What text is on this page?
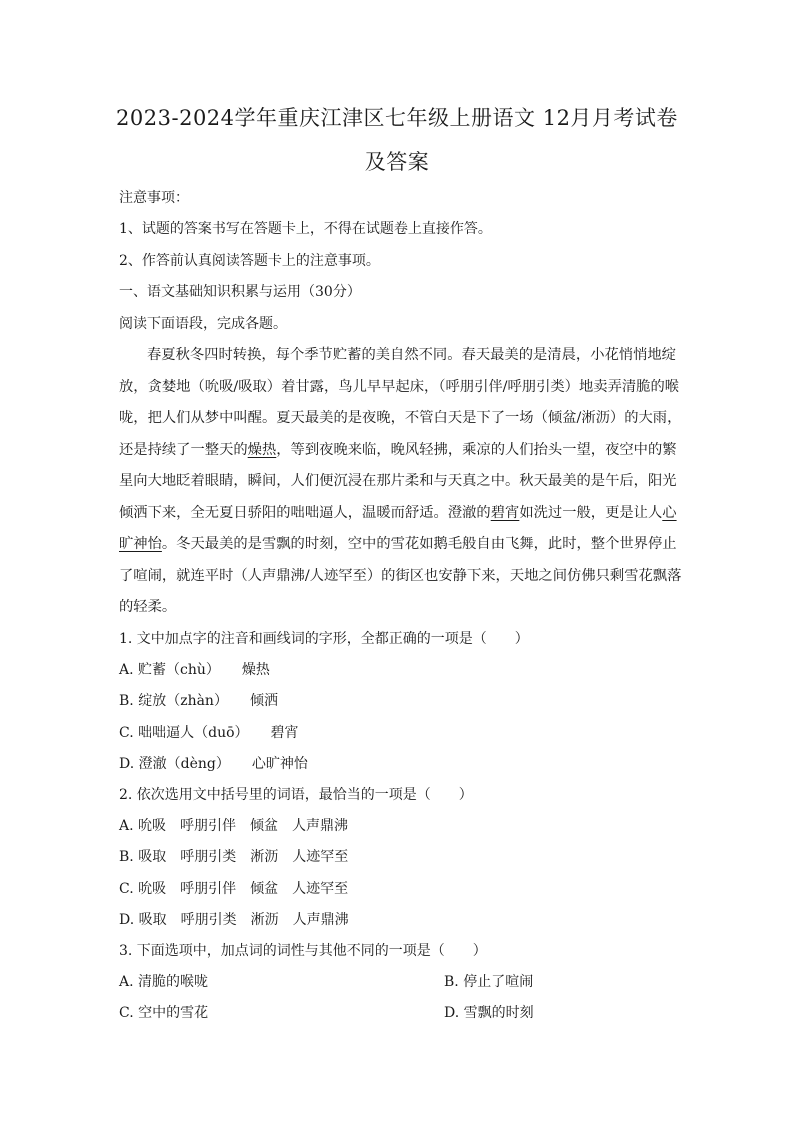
2023-2024学年重庆江津区七年级上册语文 12月月考试卷
及答案

注意事项：

1、试题的答案书写在答题卡上，不得在试题卷上直接作答。

2、作答前认真阅读答题卡上的注意事项。

一、语文基础知识积累与运用（30分）

阅读下面语段，完成各题。

春夏秋冬四时转换，每个季节贮蓄的美自然不同。春天最美的是清晨，小花悄悄地绽

放，贪婪地（吮吸/吸取）着甘露，鸟儿早早起床，（呼朋引伴/呼朋引类）地卖弄清脆的喉

咙，把人们从梦中叫醒。夏天最美的是夜晚，不管白天是下了一场（倾盆/淅沥）的大雨，

还是持续了一整天的燥热，等到夜晚来临，晚风轻拂，乘凉的人们抬头一望，夜空中的繁

星向大地眨着眼睛，瞬间，人们便沉浸在那片柔和与天真之中。秋天最美的是午后，阳光

倾洒下来，全无夏日骄阳的咄咄逼人，温暖而舒适。澄澈的碧宵如洗过一般，更是让人心

旷神怡。冬天最美的是雪飘的时刻，空中的雪花如鹅毛般自由飞舞，此时，整个世界停止

了喧闹，就连平时（人声鼎沸/人迹罕至）的街区也安静下来，天地之间仿佛只剩雪花飘落

的轻柔。

1. 文中加点字的注音和画线词的字形，全都正确的一项是（　　）

A. 贮蓄（chù） 燥热

B. 绽放（zhàn） 倾洒

C. 咄咄逼人（duō） 碧宵

D. 澄澈（dèng） 心旷神怡

2. 依次选用文中括号里的词语，最恰当的一项是（　　）

A. 吮吸　呼朋引伴　倾盆　人声鼎沸

B. 吸取　呼朋引类　淅沥　人迹罕至

C. 吮吸　呼朋引伴　倾盆　人迹罕至

D. 吸取　呼朋引类　淅沥　人声鼎沸

3. 下面选项中，加点词的词性与其他不同的一项是（　　）

A. 清脆的喉咙	B. 停止了喧闹

C. 空中的雪花	D. 雪飘的时刻
